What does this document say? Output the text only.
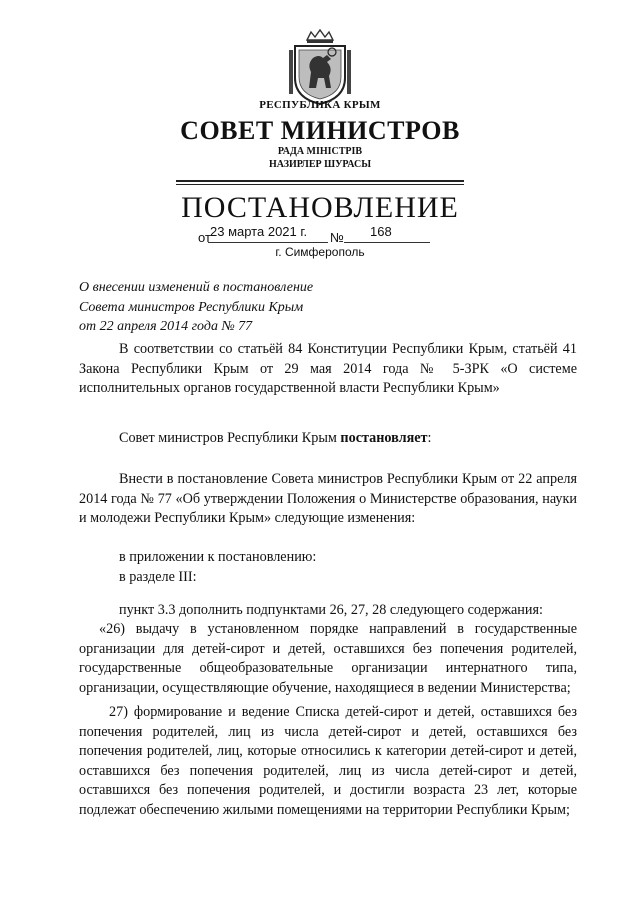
РЕСПУБЛИКА КРЫМ
СОВЕТ МИНИСТРОВ
РАДА МІНІСТРІВ
НАЗИРЛЕР ШУРАСЫ
ПОСТАНОВЛЕНИЕ
от 23 марта 2021 г. № 168
г. Симферополь
О внесении изменений в постановление
Совета министров Республики Крым
от 22 апреля 2014 года № 77
В соответствии со статьёй 84 Конституции Республики Крым, статьёй 41 Закона Республики Крым от 29 мая 2014 года № 5-ЗРК «О системе исполнительных органов государственной власти Республики Крым»
Совет министров Республики Крым постановляет:
Внести в постановление Совета министров Республики Крым от 22 апреля 2014 года № 77 «Об утверждении Положения о Министерстве образования, науки и молодежи Республики Крым» следующие изменения:
в приложении к постановлению:
в разделе III:
пункт 3.3 дополнить подпунктами 26, 27, 28 следующего содержания:
«26) выдачу в установленном порядке направлений в государственные организации для детей-сирот и детей, оставшихся без попечения родителей, государственные общеобразовательные организации интернатного типа, организации, осуществляющие обучение, находящиеся в ведении Министерства;
27) формирование и ведение Списка детей-сирот и детей, оставшихся без попечения родителей, лиц из числа детей-сирот и детей, оставшихся без попечения родителей, лиц, которые относились к категории детей-сирот и детей, оставшихся без попечения родителей, лиц из числа детей-сирот и детей, оставшихся без попечения родителей, и достигли возраста 23 лет, которые подлежат обеспечению жилыми помещениями на территории Республики Крым;
